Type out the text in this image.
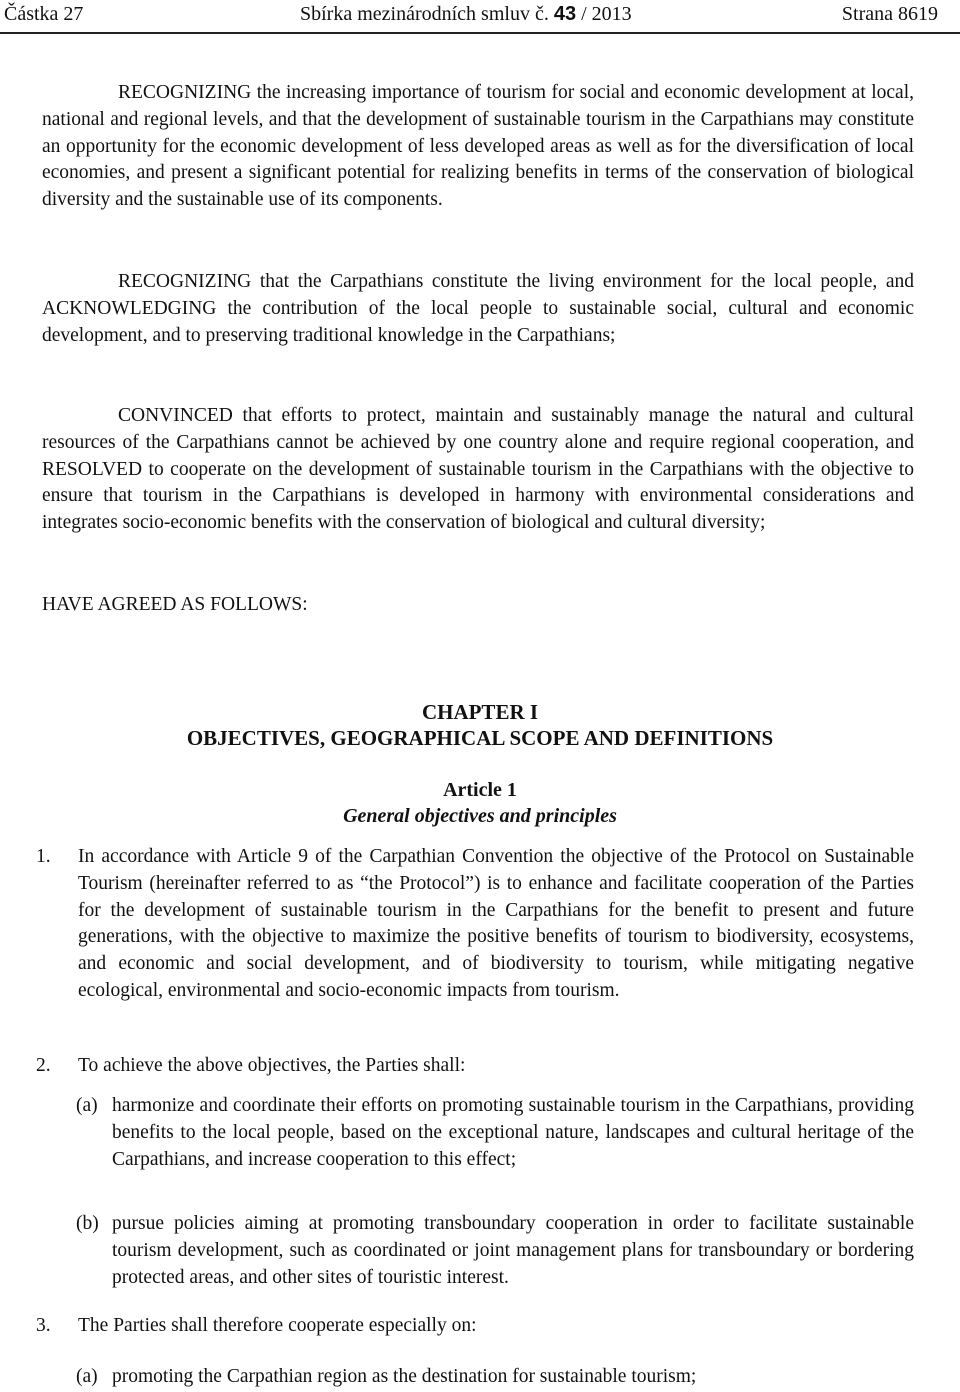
Částka 27	Sbírka mezinárodních smluv č. 43 / 2013	Strana 8619

RECOGNIZING the increasing importance of tourism for social and economic development at local, national and regional levels, and that the development of sustainable tourism in the Carpathians may constitute an opportunity for the economic development of less developed areas as well as for the diversification of local economies, and present a significant potential for realizing benefits in terms of the conservation of biological diversity and the sustainable use of its components.

RECOGNIZING that the Carpathians constitute the living environment for the local people, and ACKNOWLEDGING the contribution of the local people to sustainable social, cultural and economic development, and to preserving traditional knowledge in the Carpathians;

CONVINCED that efforts to protect, maintain and sustainably manage the natural and cultural resources of the Carpathians cannot be achieved by one country alone and require regional cooperation, and RESOLVED to cooperate on the development of sustainable tourism in the Carpathians with the objective to ensure that tourism in the Carpathians is developed in harmony with environmental considerations and integrates socio-economic benefits with the conservation of biological and cultural diversity;

HAVE AGREED AS FOLLOWS:

CHAPTER I

OBJECTIVES, GEOGRAPHICAL SCOPE AND DEFINITIONS

Article 1

General objectives and principles

1. In accordance with Article 9 of the Carpathian Convention the objective of the Protocol on Sustainable Tourism (hereinafter referred to as “the Protocol”) is to enhance and facilitate cooperation of the Parties for the development of sustainable tourism in the Carpathians for the benefit to present and future generations, with the objective to maximize the positive benefits of tourism to biodiversity, ecosystems, and economic and social development, and of biodiversity to tourism, while mitigating negative ecological, environmental and socio-economic impacts from tourism.
2. To achieve the above objectives, the Parties shall:
(a) harmonize and coordinate their efforts on promoting sustainable tourism in the Carpathians, providing benefits to the local people, based on the exceptional nature, landscapes and cultural heritage of the Carpathians, and increase cooperation to this effect;
(b) pursue policies aiming at promoting transboundary cooperation in order to facilitate sustainable tourism development, such as coordinated or joint management plans for transboundary or bordering protected areas, and other sites of touristic interest.
3. The Parties shall therefore cooperate especially on:
(a) promoting the Carpathian region as the destination for sustainable tourism;
